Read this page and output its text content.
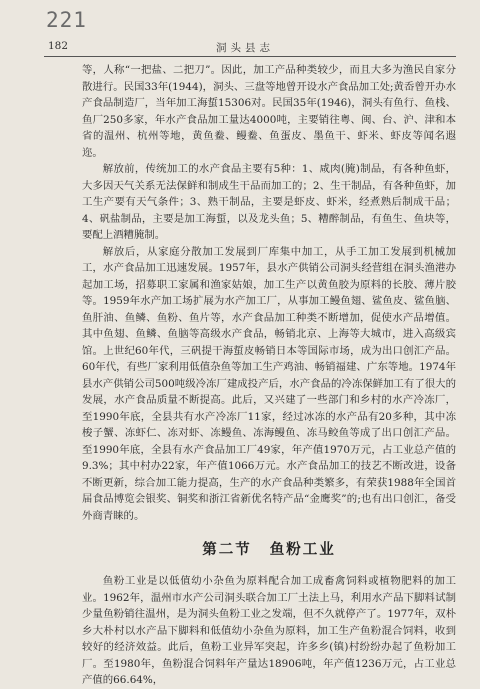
221
182	洞头县志

等，人称“一把盐、二把刀”。因此，加工产品种类较少，而且大多为渔民自家分散进行。民国33年(1944)，洞头、三盘等地曾开设水产食品加工处;黄岙曾开办水产食品制造厂，当年加工海蜇15306对。民国35年(1946)，洞头有鱼行、鱼栈、鱼厂250多家，年水产食品加工量达4000吨，主要销往粤、闽、台、沪、津和本省的温州、杭州等地，黄鱼鲞、鳗鲞、鱼蛋皮、墨鱼干、虾米、虾皮等闻名遐迩。

解放前，传统加工的水产食品主要有5种：1、咸肉(腌)制品，有各种鱼虾，大多因天气关系无法保鲜和制成生干品而加工的；2、生干制品，有各种鱼虾，加工生产要有天气条件；3、熟干制品，主要是虾皮、虾米，经煮熟后制成干品；4、矾盐制品，主要是加工海蜇，以及龙头鱼；5、糟醉制品，有鱼生、鱼块等，要配上酒糟腌制。

解放后，从家庭分散加工发展到厂库集中加工，从手工加工发展到机械加工，水产食品加工迅速发展。1957年，县水产供销公司洞头经营组在洞头渔港办起加工场，招募职工家属和渔家姑娘，加工生产以黄鱼胶为原料的长胶、薄片胶等。1959年水产加工场扩展为水产加工厂，从事加工鳗鱼翅、鲨鱼皮、鲨鱼脑、鱼肝油、鱼鳞、鱼粉、鱼片等，水产食品加工种类不断增加，促使水产品增值。其中鱼翅、鱼鳞、鱼脑等高级水产食品，畅销北京、上海等大城市，进入高级宾馆。上世纪60年代，三矾提干海蜇皮畅销日本等国际市场，成为出口创汇产品。60年代，有些厂家利用低值杂鱼等加工生产鸡油、畅销福建、广东等地。1974年县水产供销公司500吨级冷冻厂建成投产后，水产食品的冷冻保鲜加工有了很大的发展，水产食品质量不断提高。此后，又兴建了一些部门和乡村的水产冷冻厂，至1990年底，全县共有水产冷冻厂11家，经过冰冻的水产品有20多种，其中冻梭子蟹、冻虾仁、冻对虾、冻鳗鱼、冻海鳗鱼、冻马鲛鱼等成了出口创汇产品。至1990年底，全县有水产食品加工厂49家，年产值1970万元，占工业总产值的9.3%；其中村办22家，年产值1066万元。水产食品加工的技艺不断改进，设备不断更新，综合加工能力提高，生产的水产食品种类繁多，有荣获1988年全国首届食品博览会银奖、铜奖和浙江省新优名特产品“金鹰奖”的;也有出口创汇，备受外商青睐的。

第二节 鱼粉工业

鱼粉工业是以低值幼小杂鱼为原料配合加工成畜禽饲料或植物肥料的加工业。1962年，温州市水产公司洞头联合加工厂土法上马，利用水产品下脚料试制少量鱼粉销往温州，是为洞头鱼粉工业之发端，但不久就停产了。1977年，双朴乡大朴村以水产品下脚料和低值幼小杂鱼为原料，加工生产鱼粉混合饲料，收到较好的经济效益。此后，鱼粉工业异军突起，许多乡(镇)村纷纷办起了鱼粉加工厂。至1980年，鱼粉混合饲料年产量达18906吨，年产值1236万元，占工业总产值的66.64%，
